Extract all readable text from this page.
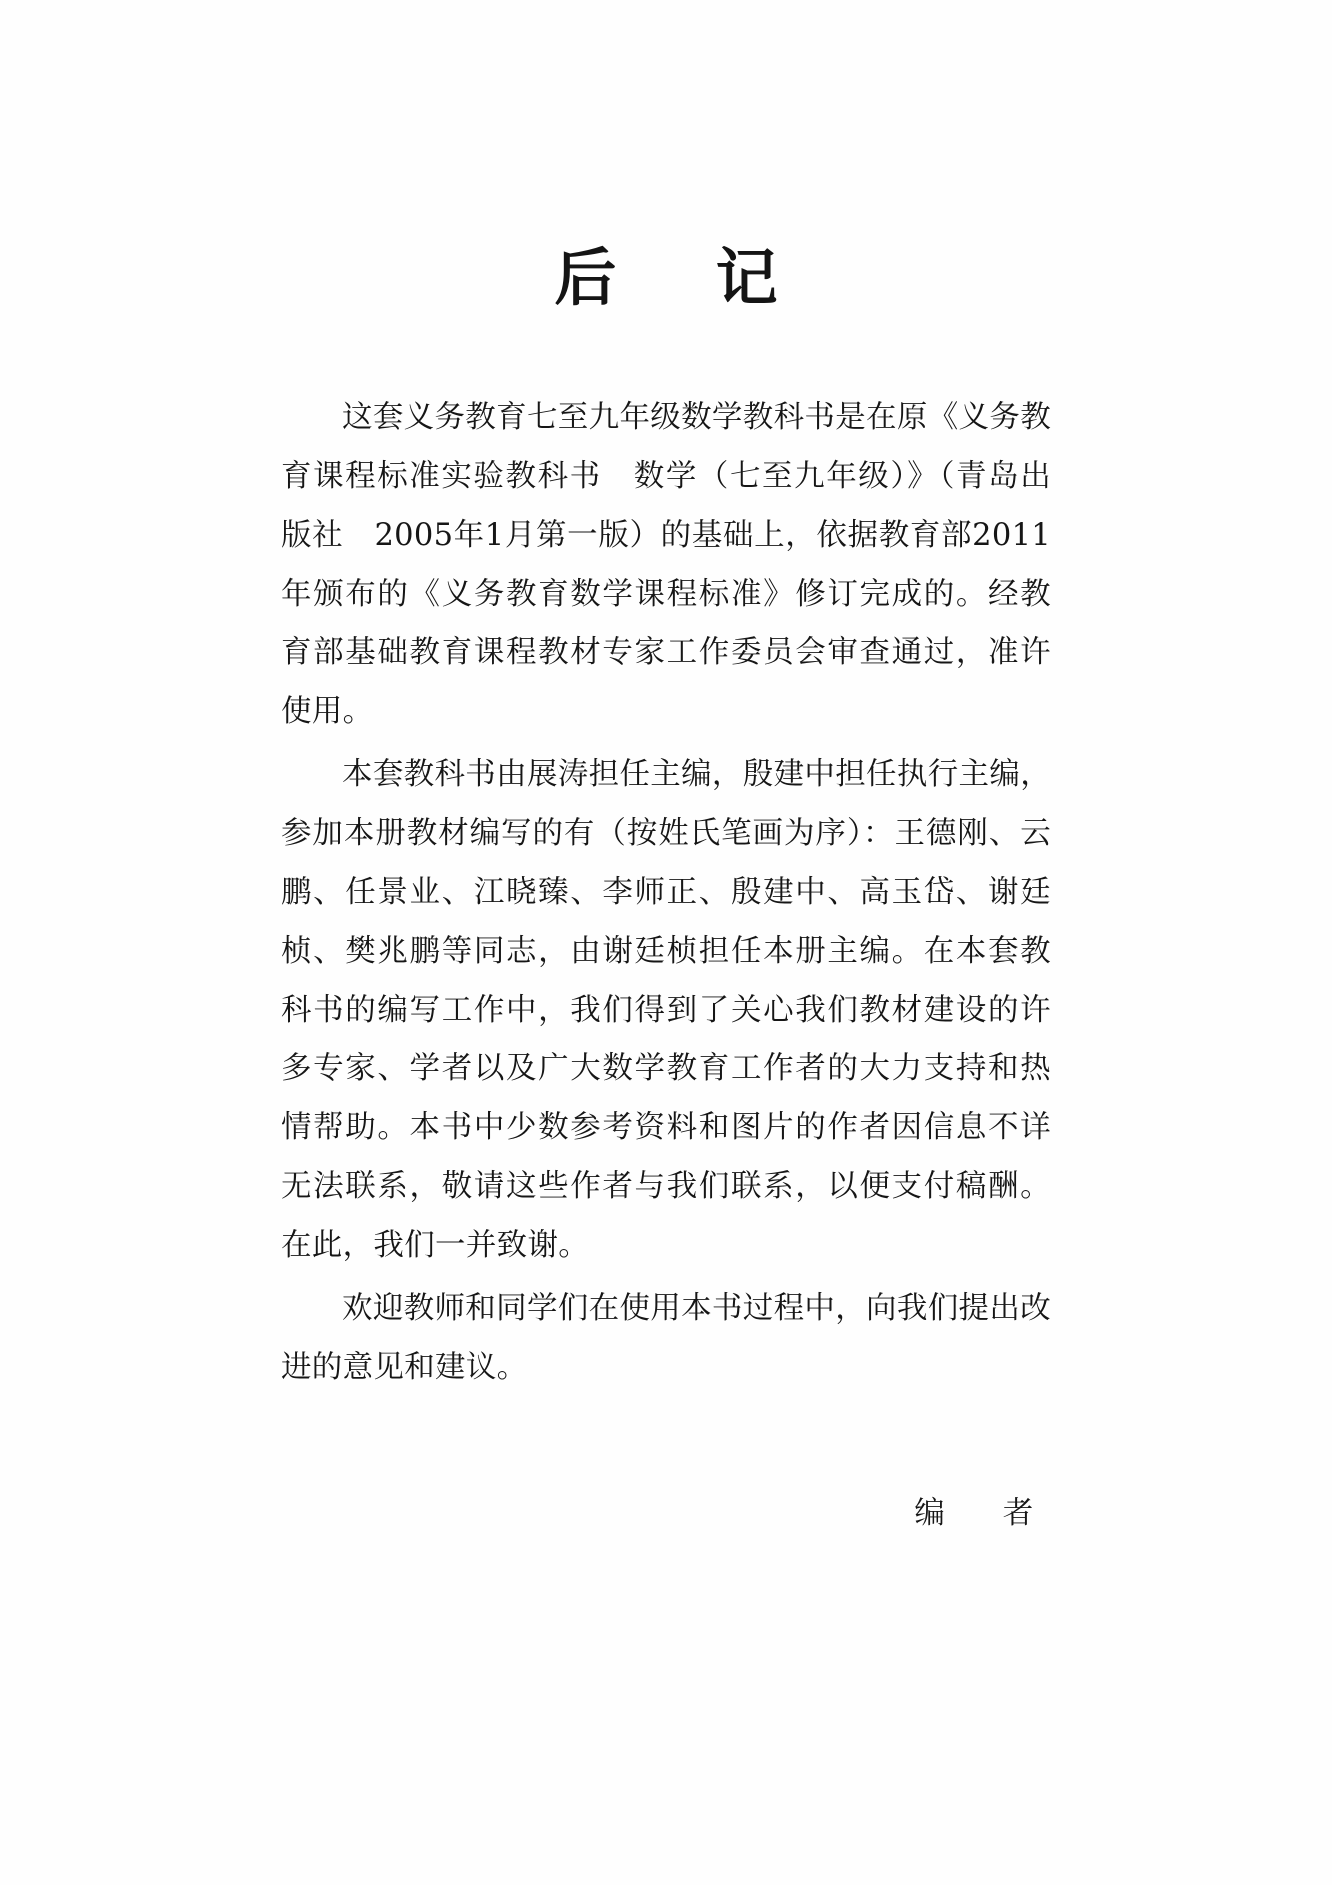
后　记

这套义务教育七至九年级数学教科书是在原《义务教育课程标准实验教科书　数学（七至九年级）》（青岛出版社　2005年1月第一版）的基础上，依据教育部2011年颁布的《义务教育数学课程标准》修订完成的。经教育部基础教育课程教材专家工作委员会审查通过，准许使用。

本套教科书由展涛担任主编，殷建中担任执行主编，参加本册教材编写的有（按姓氏笔画为序）：王德刚、云鹏、任景业、江晓臻、李师正、殷建中、高玉岱、谢廷桢、樊兆鹏等同志，由谢廷桢担任本册主编。在本套教科书的编写工作中，我们得到了关心我们教材建设的许多专家、学者以及广大数学教育工作者的大力支持和热情帮助。本书中少数参考资料和图片的作者因信息不详无法联系，敬请这些作者与我们联系，以便支付稿酬。在此，我们一并致谢。

欢迎教师和同学们在使用本书过程中，向我们提出改进的意见和建议。

编　者
